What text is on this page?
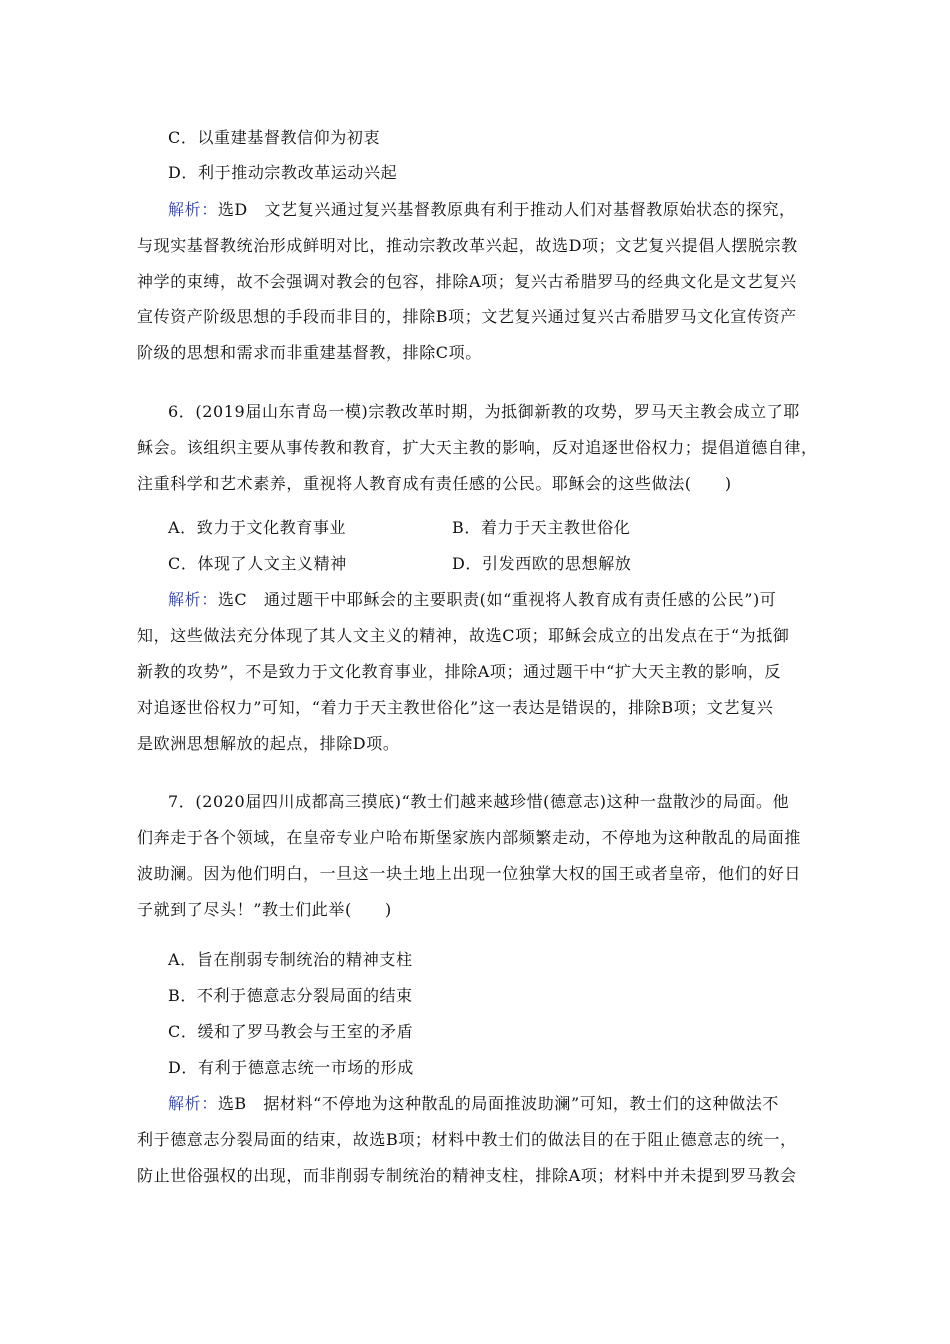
C．以重建基督教信仰为初衷
D．利于推动宗教改革运动兴起
解析：选D　文艺复兴通过复兴基督教原典有利于推动人们对基督教原始状态的探究，
与现实基督教统治形成鲜明对比，推动宗教改革兴起，故选D项；文艺复兴提倡人摆脱宗教
神学的束缚，故不会强调对教会的包容，排除A项；复兴古希腊罗马的经典文化是文艺复兴
宣传资产阶级思想的手段而非目的，排除B项；文艺复兴通过复兴古希腊罗马文化宣传资产
阶级的思想和需求而非重建基督教，排除C项。
6．(2019届山东青岛一模)宗教改革时期，为抵御新教的攻势，罗马天主教会成立了耶
稣会。该组织主要从事传教和教育，扩大天主教的影响，反对追逐世俗权力；提倡道德自律，
注重科学和艺术素养，重视将人教育成有责任感的公民。耶稣会的这些做法(　　)
A．致力于文化教育事业	B．着力于天主教世俗化
C．体现了人文主义精神	D．引发西欧的思想解放
解析：选C　通过题干中耶稣会的主要职责(如“重视将人教育成有责任感的公民”)可
知，这些做法充分体现了其人文主义的精神，故选C项；耶稣会成立的出发点在于“为抵御
新教的攻势”，不是致力于文化教育事业，排除A项；通过题干中“扩大天主教的影响，反
对追逐世俗权力”可知，“着力于天主教世俗化”这一表达是错误的，排除B项；文艺复兴
是欧洲思想解放的起点，排除D项。
7．(2020届四川成都高三摸底)“教士们越来越珍惜(德意志)这种一盘散沙的局面。他
们奔走于各个领域，在皇帝专业户哈布斯堡家族内部频繁走动，不停地为这种散乱的局面推
波助澜。因为他们明白，一旦这一块土地上出现一位独掌大权的国王或者皇帝，他们的好日
子就到了尽头！”教士们此举(　　)
A．旨在削弱专制统治的精神支柱
B．不利于德意志分裂局面的结束
C．缓和了罗马教会与王室的矛盾
D．有利于德意志统一市场的形成
解析：选B　据材料“不停地为这种散乱的局面推波助澜”可知，教士们的这种做法不
利于德意志分裂局面的结束，故选B项；材料中教士们的做法目的在于阻止德意志的统一，
防止世俗强权的出现，而非削弱专制统治的精神支柱，排除A项；材料中并未提到罗马教会
